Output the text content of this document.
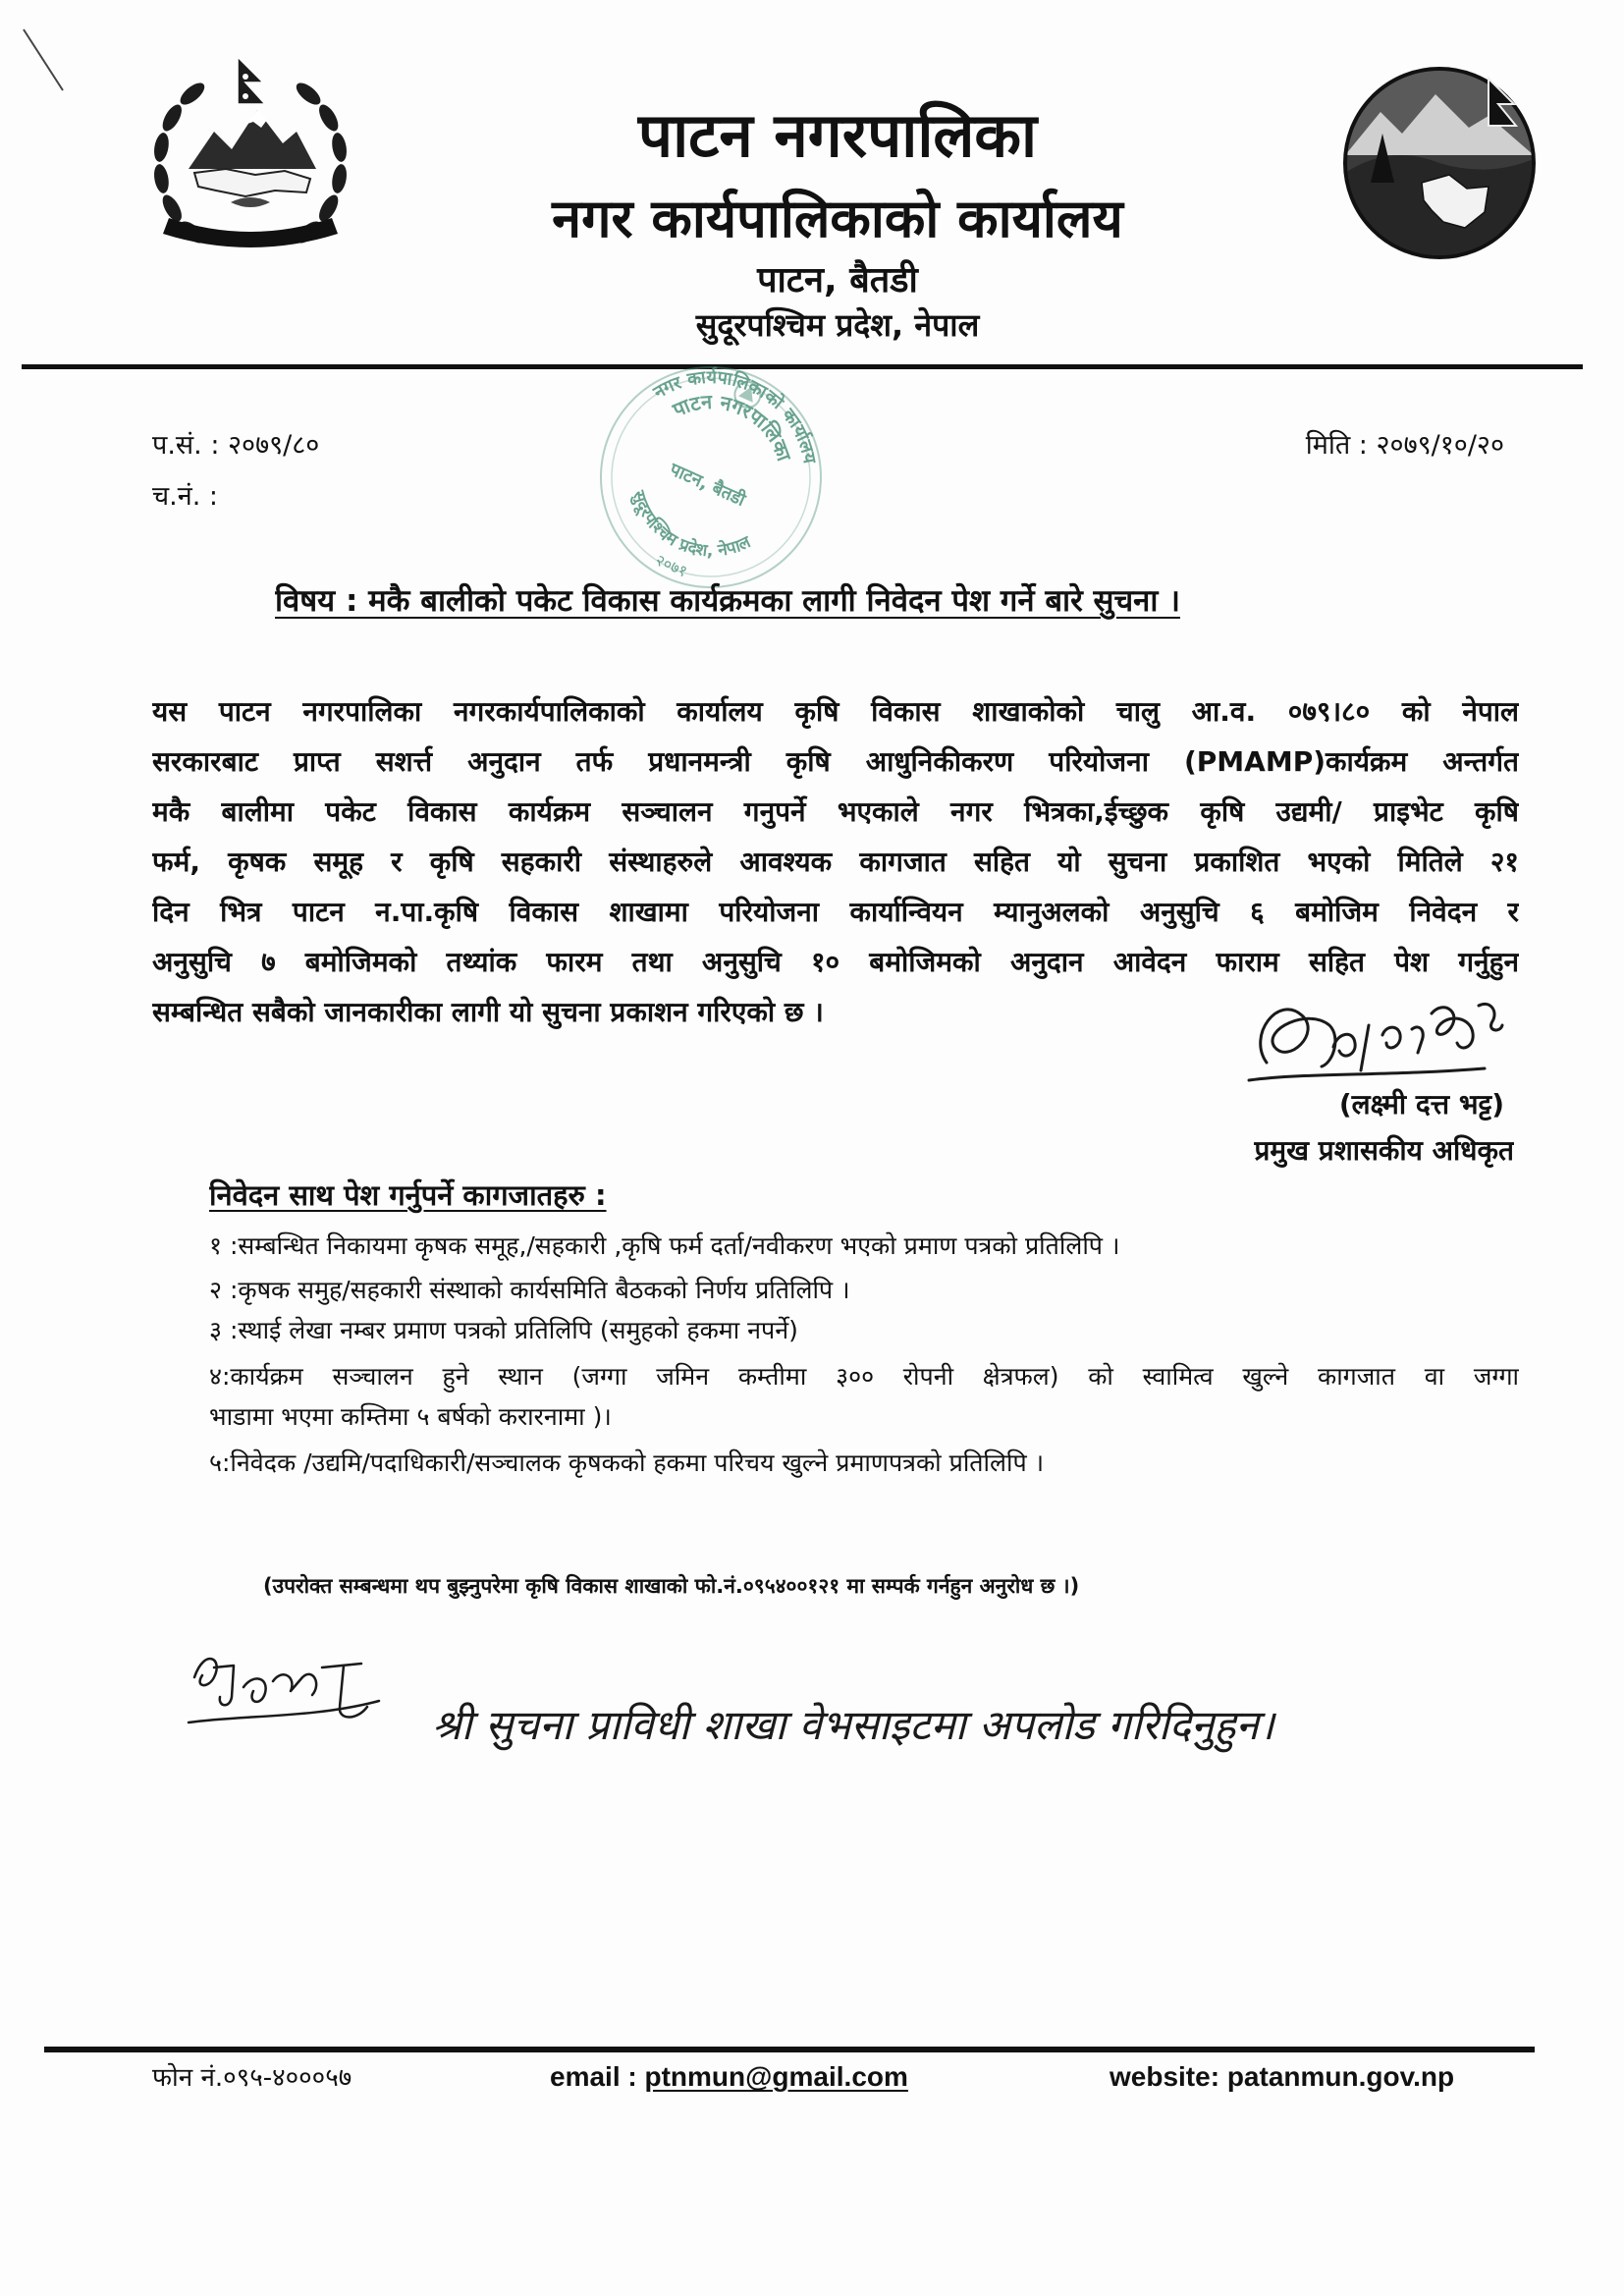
पाटन नगरपालिका
नगर कार्यपालिकाको कार्यालय
पाटन, बैतडी
सुदूरपश्चिम प्रदेश, नेपाल
प.सं. : २०७९/८०
च.नं. :
मिति : २०७९/१०/२०
नगर कार्यपालिकाको कार्यालय
पाटन नगरपालिका
पाटन, बैतडी
सुदूरपश्चिम प्रदेश, नेपाल
२०७१
विषय : मकै बालीको पकेट विकास कार्यक्रमका लागी निवेदन पेश गर्ने बारे सुचना ।
यस पाटन नगरपालिका नगरकार्यपालिकाको कार्यालय कृषि विकास शाखाकोको चालु आ.व. ०७९।८० को नेपाल
सरकारबाट प्राप्त सशर्त्त अनुदान तर्फ प्रधानमन्त्री कृषि आधुनिकीकरण परियोजना (PMAMP)कार्यक्रम अन्तर्गत
मकै बालीमा पकेट विकास कार्यक्रम सञ्चालन गनुपर्ने भएकाले नगर भित्रका,ईच्छुक कृषि उद्यमी/ प्राइभेट कृषि
फर्म, कृषक समूह र कृषि सहकारी संस्थाहरुले आवश्यक कागजात सहित यो सुचना प्रकाशित भएको मितिले २१
दिन भित्र पाटन न.पा.कृषि विकास शाखामा परियोजना कार्यान्वियन म्यानुअलको अनुसुचि ६ बमोजिम निवेदन र
अनुसुचि ७ बमोजिमको तथ्यांक फारम तथा अनुसुचि १० बमोजिमको अनुदान आवेदन फाराम सहित पेश गर्नुहुन
सम्बन्धित सबैको जानकारीका लागी यो सुचना प्रकाशन गरिएको छ ।
(लक्ष्मी दत्त भट्ट)
प्रमुख प्रशासकीय अधिकृत
निवेदन साथ पेश गर्नुपर्ने कागजातहरु :
१ :सम्बन्धित निकायमा कृषक समूह,/सहकारी ,कृषि फर्म दर्ता/नवीकरण भएको प्रमाण पत्रको प्रतिलिपि ।
२ :कृषक समुह/सहकारी संस्थाको कार्यसमिति बैठकको निर्णय प्रतिलिपि ।
३ :स्थाई लेखा नम्बर प्रमाण पत्रको प्रतिलिपि (समुहको हकमा नपर्ने)
४:कार्यक्रम सञ्चालन हुने स्थान (जग्गा जमिन कम्तीमा ३०० रोपनी क्षेत्रफल) को स्वामित्व खुल्ने कागजात वा जग्गा
भाडामा भएमा कम्तिमा ५ बर्षको करारनामा )।
५:निवेदक /उद्यमि/पदाधिकारी/सञ्चालक कृषकको हकमा परिचय खुल्ने प्रमाणपत्रको प्रतिलिपि ।
(उपरोक्त सम्बन्धमा थप बुझ्नुपरेमा कृषि विकास शाखाको फो.नं.०९५४००१२१ मा सम्पर्क गर्नहुन अनुरोध छ ।)
श्री सुचना प्राविधी शाखा वेभसाइटमा अपलोड गरिदिनुहुन।
फोन नं.०९५-४०००५७	email : ptnmun@gmail.com	website: patanmun.gov.np
